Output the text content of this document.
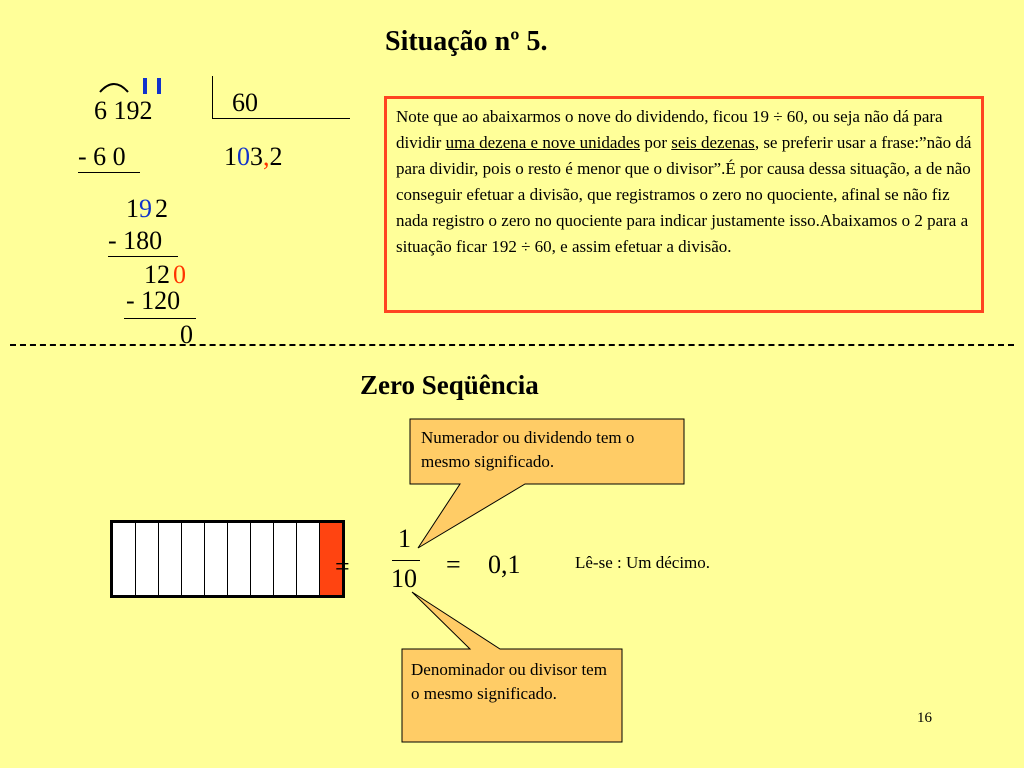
Situação nº 5.
6 192	60
- 6 0	103,2
19 2
- 180
12 0
- 120
0
Note que ao abaixarmos o nove do dividendo, ficou 19 ÷ 60, ou seja não dá para dividir uma dezena e nove unidades por seis dezenas, se preferir usar a frase:”não dá para dividir, pois o resto é menor que o divisor”.É por causa dessa situação, a de não conseguir efetuar a divisão, que registramos o zero no quociente, afinal se não fiz nada registro o zero no quociente para indicar justamente isso.Abaixamos o 2 para a situação ficar 192 ÷ 60, e assim efetuar a divisão.
Zero Seqüência
Numerador ou dividendo tem o mesmo significado.
Denominador ou divisor tem o mesmo significado.
=
1
10 = 0,1	Lê-se : Um décimo.
16
